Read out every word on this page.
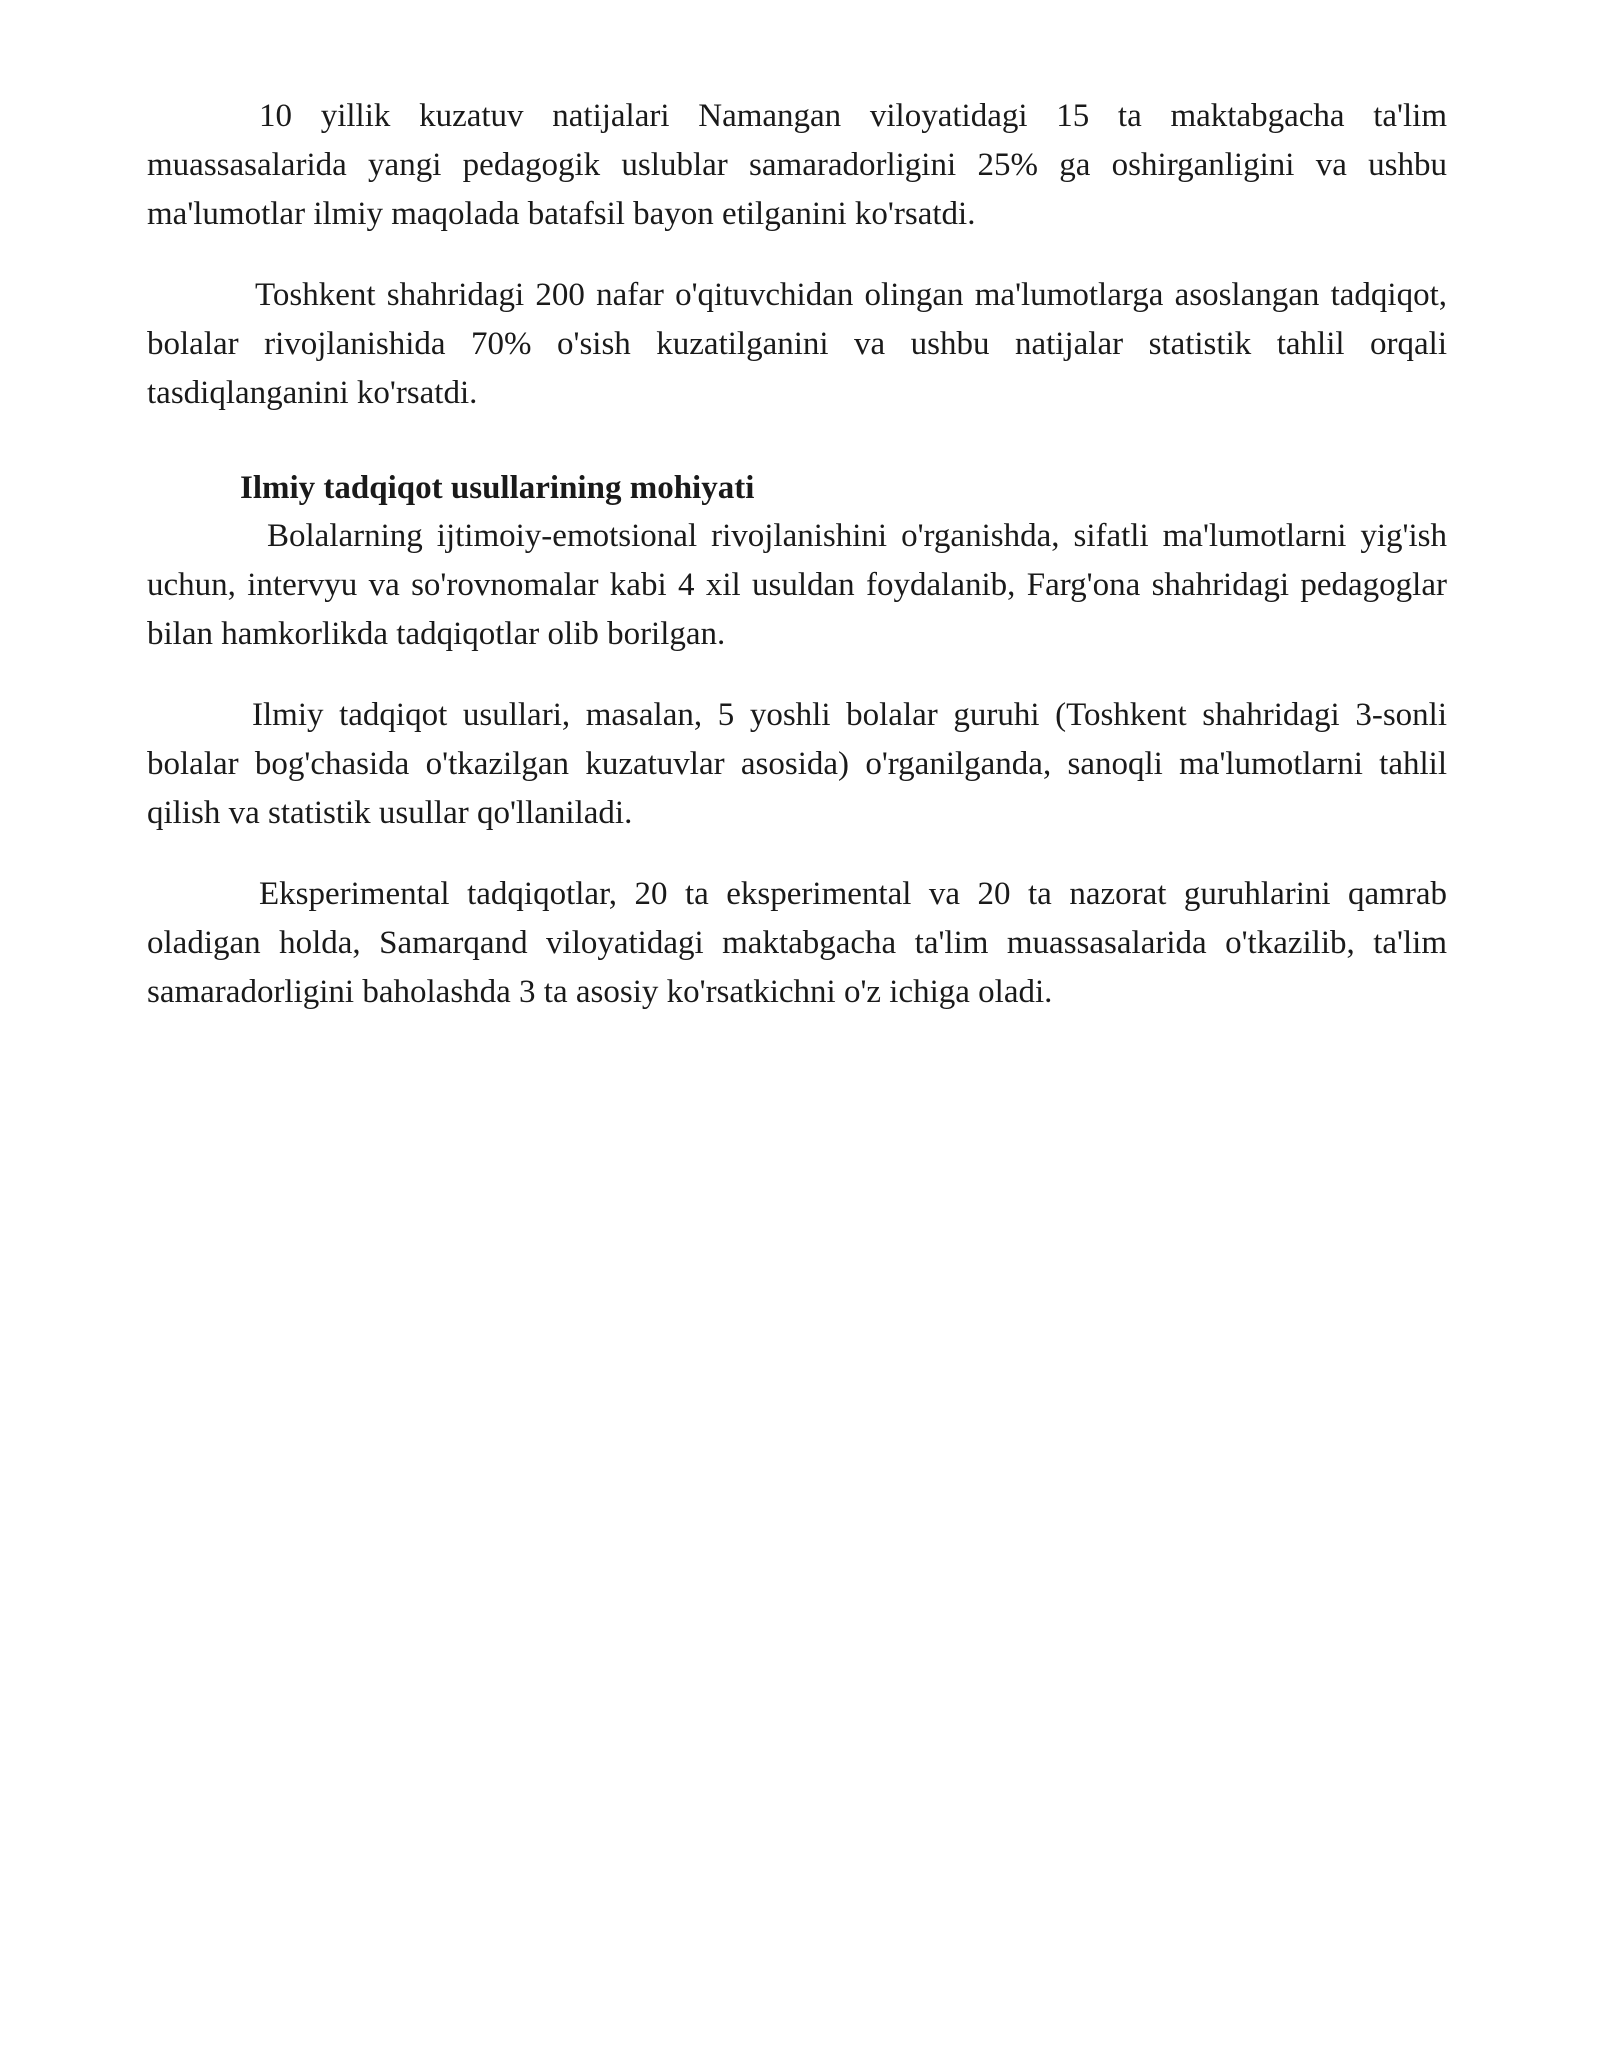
10 yillik kuzatuv natijalari Namangan viloyatidagi 15 ta maktabgacha ta'lim muassasalarida yangi pedagogik uslublar samaradorligini 25% ga oshirganligini va ushbu ma'lumotlar ilmiy maqolada batafsil bayon etilganini ko'rsatdi.

Toshkent shahridagi 200 nafar o'qituvchidan olingan ma'lumotlarga asoslangan tadqiqot, bolalar rivojlanishida 70% o'sish kuzatilganini va ushbu natijalar statistik tahlil orqali tasdiqlanganini ko'rsatdi.

Ilmiy tadqiqot usullarining mohiyati

Bolalarning ijtimoiy-emotsional rivojlanishini o'rganishda, sifatli ma'lumotlarni yig'ish uchun, intervyu va so'rovnomalar kabi 4 xil usuldan foydalanib, Farg'ona shahridagi pedagoglar bilan hamkorlikda tadqiqotlar olib borilgan.

Ilmiy tadqiqot usullari, masalan, 5 yoshli bolalar guruhi (Toshkent shahridagi 3-sonli bolalar bog'chasida o'tkazilgan kuzatuvlar asosida) o'rganilganda, sanoqli ma'lumotlarni tahlil qilish va statistik usullar qo'llaniladi.

Eksperimental tadqiqotlar, 20 ta eksperimental va 20 ta nazorat guruhlarini qamrab oladigan holda, Samarqand viloyatidagi maktabgacha ta'lim muassasalarida o'tkazilib, ta'lim samaradorligini baholashda 3 ta asosiy ko'rsatkichni o'z ichiga oladi.
